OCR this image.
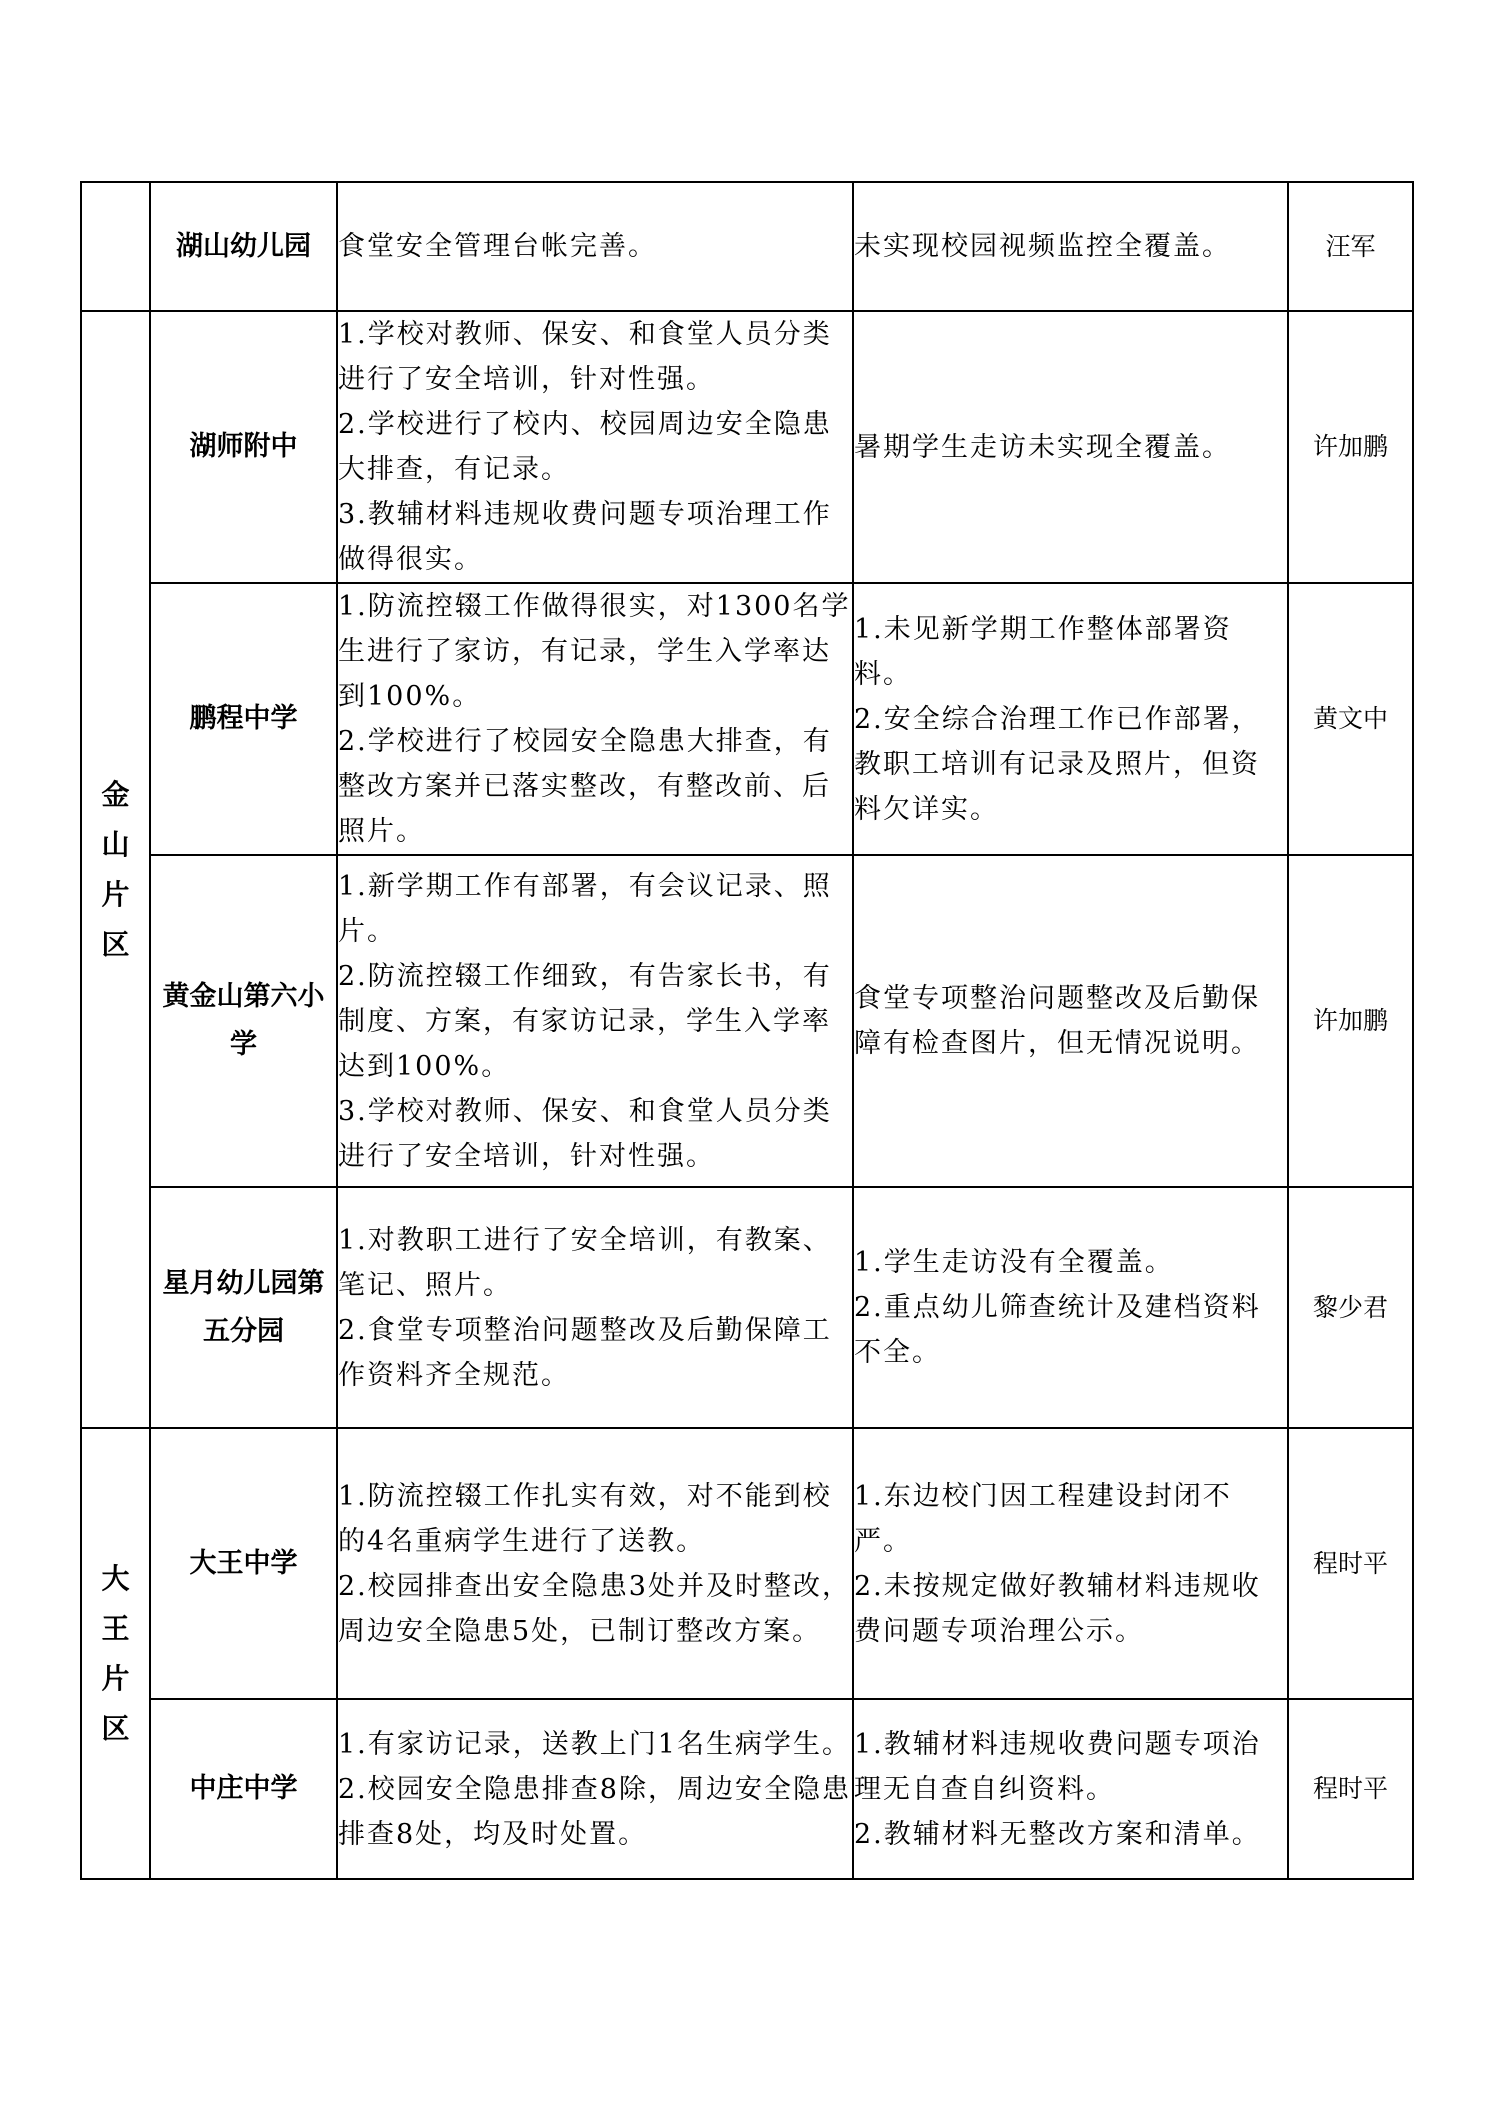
	湖山幼儿园	食堂安全管理台帐完善。	未实现校园视频监控全覆盖。	汪军
金山片区	湖师附中	1.学校对教师、保安、和食堂人员分类进行了安全培训，针对性强。
2.学校进行了校内、校园周边安全隐患大排查，有记录。
3.教辅材料违规收费问题专项治理工作做得很实。	暑期学生走访未实现全覆盖。	许加鹏
	鹏程中学	1.防流控辍工作做得很实，对1300名学生进行了家访，有记录，学生入学率达到100%。
2.学校进行了校园安全隐患大排查，有整改方案并已落实整改，有整改前、后照片。	1.未见新学期工作整体部署资料。
2.安全综合治理工作已作部署，教职工培训有记录及照片，但资料欠详实。	黄文中
	黄金山第六小学	1.新学期工作有部署，有会议记录、照片。
2.防流控辍工作细致，有告家长书，有制度、方案，有家访记录，学生入学率达到100%。
3.学校对教师、保安、和食堂人员分类进行了安全培训，针对性强。	食堂专项整治问题整改及后勤保障有检查图片，但无情况说明。	许加鹏
	星月幼儿园第五分园	1.对教职工进行了安全培训，有教案、笔记、照片。
2.食堂专项整治问题整改及后勤保障工作资料齐全规范。	1.学生走访没有全覆盖。
2.重点幼儿筛查统计及建档资料不全。	黎少君
大王片区	大王中学	1.防流控辍工作扎实有效，对不能到校的4名重病学生进行了送教。
2.校园排查出安全隐患3处并及时整改，周边安全隐患5处，已制订整改方案。	1.东边校门因工程建设封闭不严。
2.未按规定做好教辅材料违规收费问题专项治理公示。	程时平
	中庄中学	1.有家访记录，送教上门1名生病学生。
2.校园安全隐患排查8除，周边安全隐患排查8处，均及时处置。	1.教辅材料违规收费问题专项治理无自查自纠资料。
2.教辅材料无整改方案和清单。	程时平
